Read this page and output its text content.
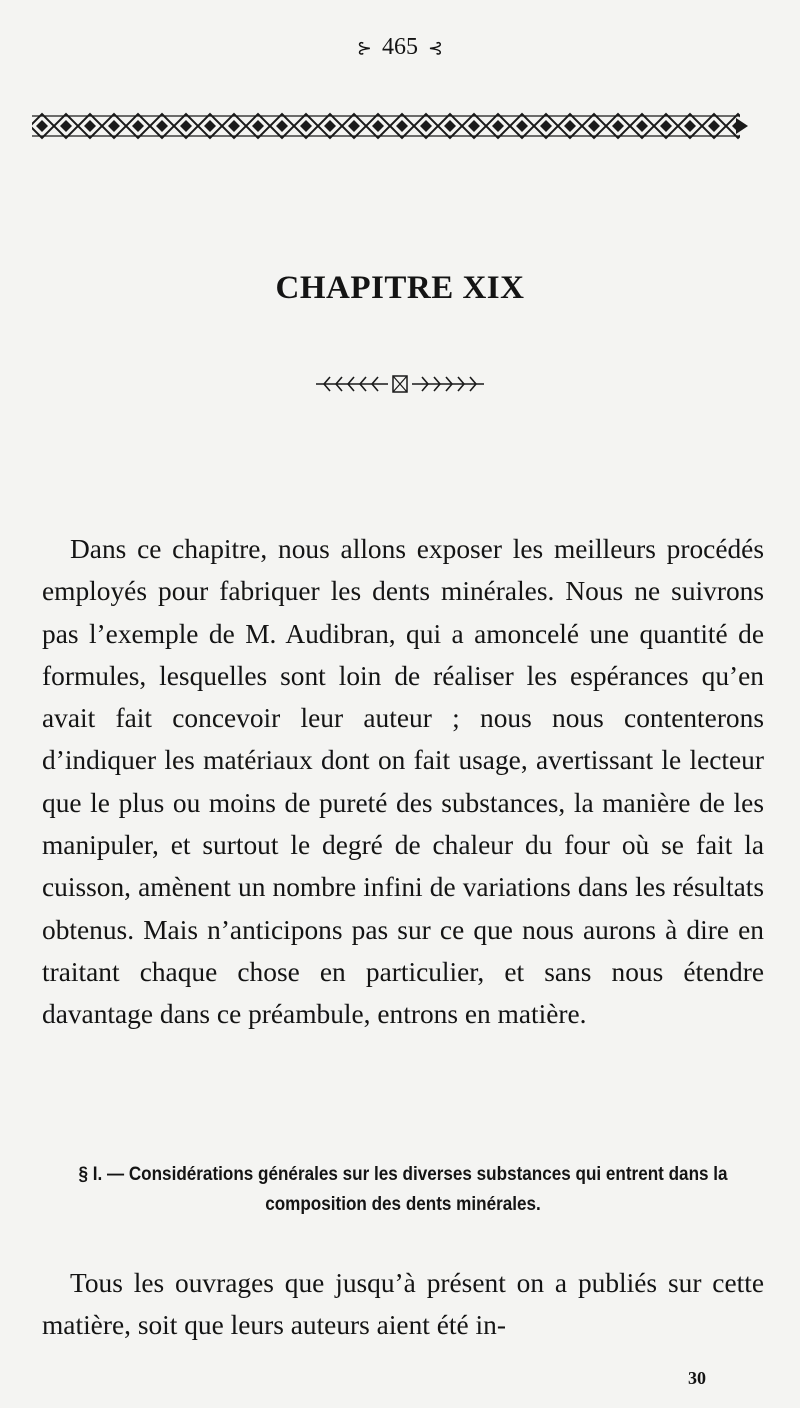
⊱ 465 ⊰
CHAPITRE XIX

Dans ce chapitre, nous allons exposer les meilleurs procédés employés pour fabriquer les dents minérales. Nous ne suivrons pas l’exemple de M. Audibran, qui a amoncelé une quantité de formules, lesquelles sont loin de réaliser les espérances qu’en avait fait concevoir leur auteur ; nous nous contenterons d’indiquer les matériaux dont on fait usage, avertissant le lecteur que le plus ou moins de pureté des substances, la manière de les manipuler, et surtout le degré de chaleur du four où se fait la cuisson, amènent un nombre infini de variations dans les résultats obtenus. Mais n’anticipons pas sur ce que nous aurons à dire en traitant chaque chose en particulier, et sans nous étendre davantage dans ce préambule, entrons en matière.

§ I. — Considérations générales sur les diverses substances qui entrent dans la composition des dents minérales.

Tous les ouvrages que jusqu’à présent on a publiés sur cette matière, soit que leurs auteurs aient été in-

30
